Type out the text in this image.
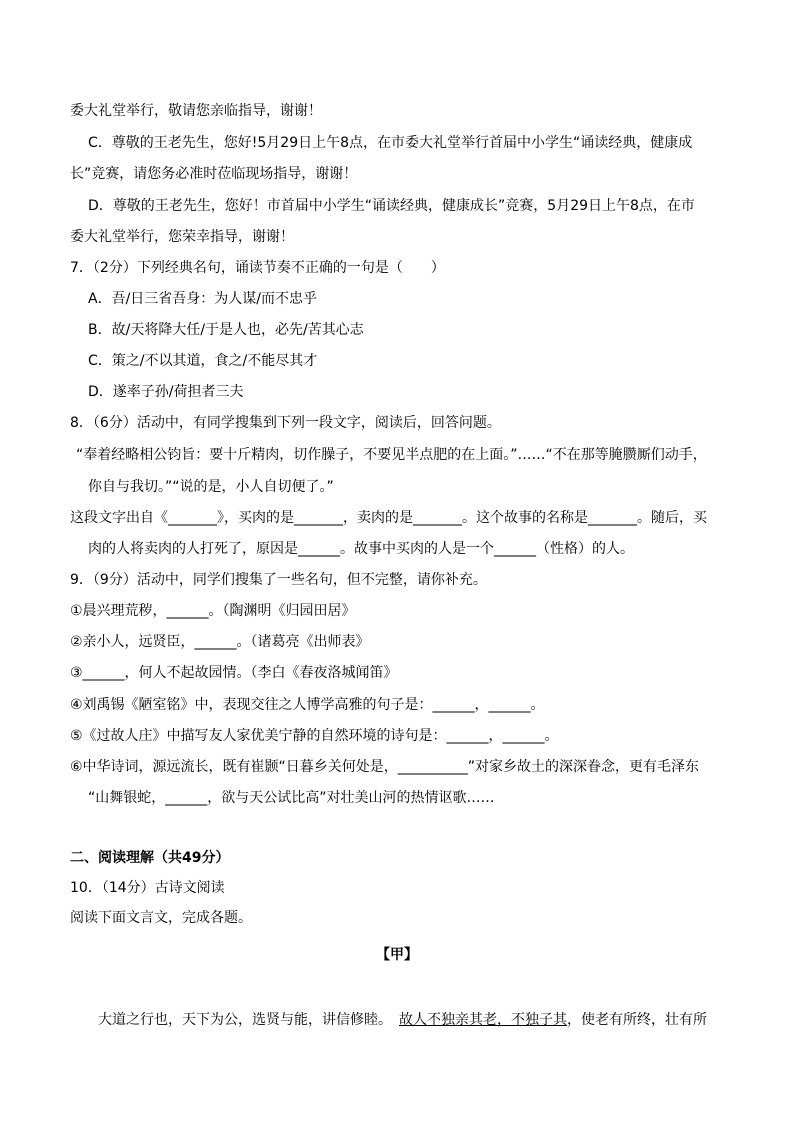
委大礼堂举行，敬请您亲临指导，谢谢！
C．尊敬的王老先生，您好!5月29日上午8点，在市委大礼堂举行首届中小学生“诵读经典，健康成
长”竞赛，请您务必准时莅临现场指导，谢谢！
D．尊敬的王老先生，您好！市首届中小学生“诵读经典，健康成长”竞赛，5月29日上午8点，在市
委大礼堂举行，您荣幸指导，谢谢！
7．（2分）下列经典名句，诵读节奏不正确的一句是（　　）
A．吾/日三省吾身：为人谋/而不忠乎
B．故/天将降大任/于是人也，必先/苦其心志
C．策之/不以其道，食之/不能尽其才
D．遂率子孙/荷担者三夫
8．（6分）活动中，有同学搜集到下列一段文字，阅读后，回答问题。
“奉着经略相公钧旨：要十斤精肉，切作臊子，不要见半点肥的在上面。”……“不在那等腌臜厮们动手，
你自与我切。”“说的是，小人自切便了。”
这段文字出自《_______》，买肉的是_______，卖肉的是_______。这个故事的名称是_______。随后，买
肉的人将卖肉的人打死了，原因是______。故事中买肉的人是一个______（性格）的人。
9．（9分）活动中，同学们搜集了一些名句，但不完整，请你补充。
①晨兴理荒秽，______。（陶渊明《归园田居》
②亲小人，远贤臣，______。（诸葛亮《出师表》
③______，何人不起故园情。（李白《春夜洛城闻笛》
④刘禹锡《陋室铭》中，表现交往之人博学高雅的句子是：______，______。
⑤《过故人庄》中描写友人家优美宁静的自然环境的诗句是：______，______。
⑥中华诗词，源远流长，既有崔颢“日暮乡关何处是，__________”对家乡故土的深深眷念，更有毛泽东
“山舞银蛇，______，欲与天公试比高”对壮美山河的热情讴歌……
二、阅读理解（共49分）
10．（14分）古诗文阅读
阅读下面文言文，完成各题。
【甲】
大道之行也，天下为公，选贤与能，讲信修睦。　故人不独亲其老，不独子其，使老有所终，壮有所
